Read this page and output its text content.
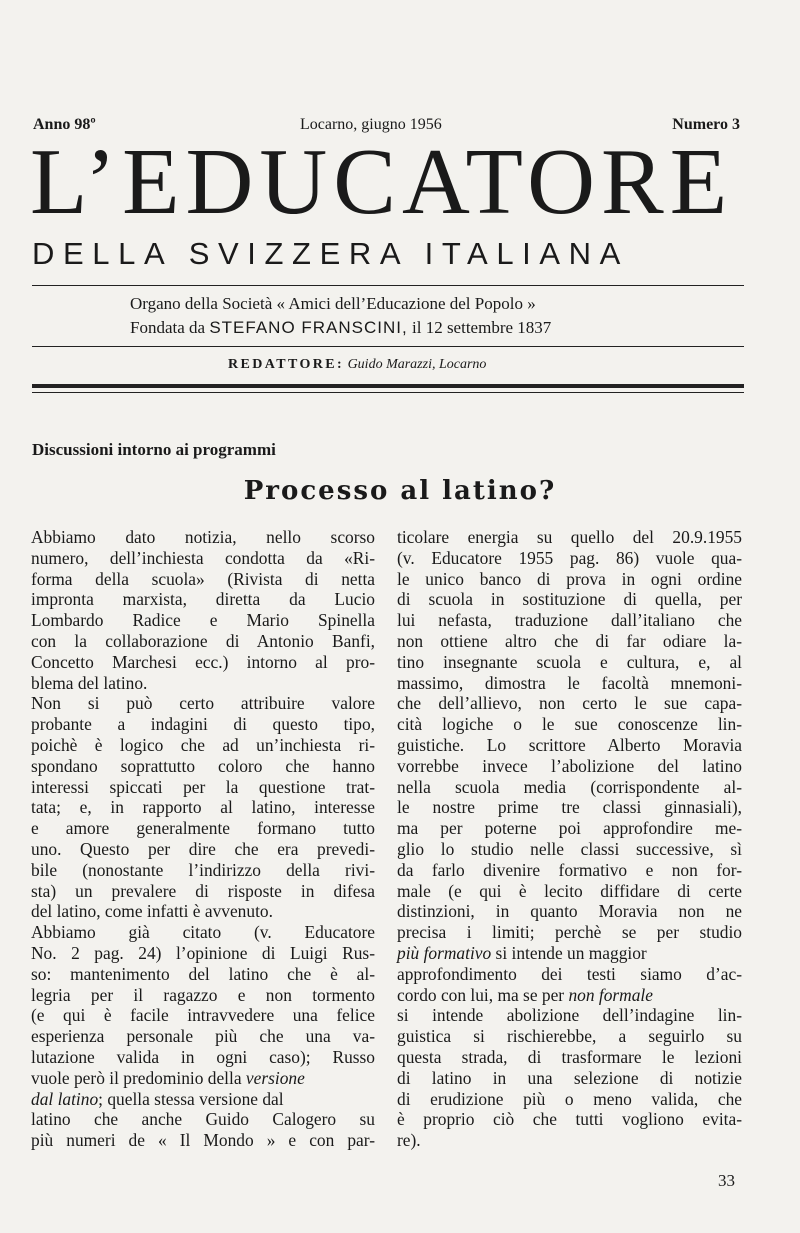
Anno 98º	Locarno, giugno 1956	Numero 3
L’EDUCATORE
DELLA SVIZZERA ITALIANA
Organo della Società « Amici dell’Educazione del Popolo »
Fondata da STEFANO FRANSCINI, il 12 settembre 1837
REDATTORE: Guido Marazzi, Locarno
Discussioni intorno ai programmi
Processo al latino?
Abbiamo dato notizia, nello scorso
numero, dell’inchiesta condotta da «Ri-
forma della scuola» (Rivista di netta
impronta marxista, diretta da Lucio
Lombardo Radice e Mario Spinella
con la collaborazione di Antonio Banfi,
Concetto Marchesi ecc.) intorno al pro-
blema del latino.
Non si può certo attribuire valore
probante a indagini di questo tipo,
poichè è logico che ad un’inchiesta ri-
spondano soprattutto coloro che hanno
interessi spiccati per la questione trat-
tata; e, in rapporto al latino, interesse
e amore generalmente formano tutto
uno. Questo per dire che era prevedi-
bile (nonostante l’indirizzo della rivi-
sta) un prevalere di risposte in difesa
del latino, come infatti è avvenuto.
Abbiamo già citato (v. Educatore
No. 2 pag. 24) l’opinione di Luigi Rus-
so: mantenimento del latino che è al-
legria per il ragazzo e non tormento
(e qui è facile intravvedere una felice
esperienza personale più che una va-
lutazione valida in ogni caso); Russo
vuole però il predominio della versione
dal latino; quella stessa versione dal
latino che anche Guido Calogero su
più numeri de « Il Mondo » e con par-
ticolare energia su quello del 20.9.1955
(v. Educatore 1955 pag. 86) vuole qua-
le unico banco di prova in ogni ordine
di scuola in sostituzione di quella, per
lui nefasta, traduzione dall’italiano che
non ottiene altro che di far odiare la-
tino insegnante scuola e cultura, e, al
massimo, dimostra le facoltà mnemoni-
che dell’allievo, non certo le sue capa-
cità logiche o le sue conoscenze lin-
guistiche. Lo scrittore Alberto Moravia
vorrebbe invece l’abolizione del latino
nella scuola media (corrispondente al-
le nostre prime tre classi ginnasiali),
ma per poterne poi approfondire me-
glio lo studio nelle classi successive, sì
da farlo divenire formativo e non for-
male (e qui è lecito diffidare di certe
distinzioni, in quanto Moravia non ne
precisa i limiti; perchè se per studio
più formativo si intende un maggior
approfondimento dei testi siamo d’ac-
cordo con lui, ma se per non formale
si intende abolizione dell’indagine lin-
guistica si rischierebbe, a seguirlo su
questa strada, di trasformare le lezioni
di latino in una selezione di notizie
di erudizione più o meno valida, che
è proprio ciò che tutti vogliono evita-
re).
33
